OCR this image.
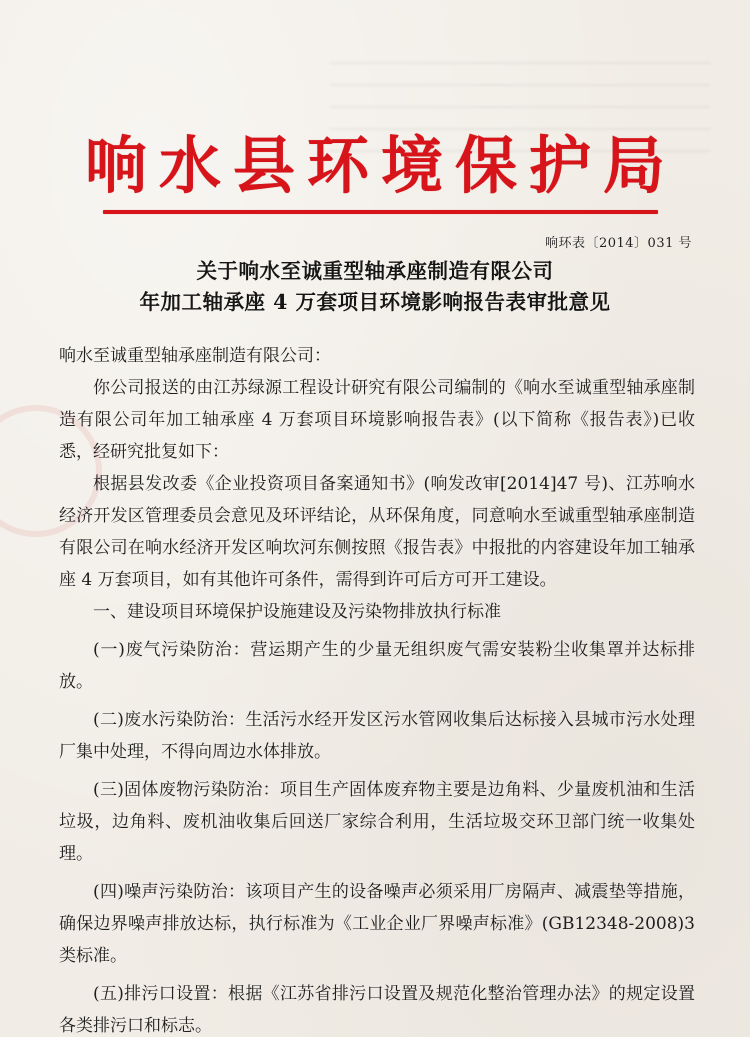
响水县环境保护局
响环表〔2014〕031 号
关于响水至诚重型轴承座制造有限公司
年加工轴承座 4 万套项目环境影响报告表审批意见

响水至诚重型轴承座制造有限公司：

你公司报送的由江苏绿源工程设计研究有限公司编制的《响水至诚重型轴承座制造有限公司年加工轴承座 4 万套项目环境影响报告表》(以下简称《报告表》)已收悉，经研究批复如下：

根据县发改委《企业投资项目备案通知书》(响发改审[2014]47 号)、江苏响水经济开发区管理委员会意见及环评结论，从环保角度，同意响水至诚重型轴承座制造有限公司在响水经济开发区响坎河东侧按照《报告表》中报批的内容建设年加工轴承座 4 万套项目，如有其他许可条件，需得到许可后方可开工建设。

一、建设项目环境保护设施建设及污染物排放执行标准

(一)废气污染防治：营运期产生的少量无组织废气需安装粉尘收集罩并达标排放。

(二)废水污染防治：生活污水经开发区污水管网收集后达标接入县城市污水处理厂集中处理，不得向周边水体排放。

(三)固体废物污染防治：项目生产固体废弃物主要是边角料、少量废机油和生活垃圾，边角料、废机油收集后回送厂家综合利用，生活垃圾交环卫部门统一收集处理。

(四)噪声污染防治：该项目产生的设备噪声必须采用厂房隔声、减震垫等措施，确保边界噪声排放达标，执行标准为《工业企业厂界噪声标准》(GB12348-2008)3 类标准。

(五)排污口设置：根据《江苏省排污口设置及规范化整治管理办法》的规定设置各类排污口和标志。
